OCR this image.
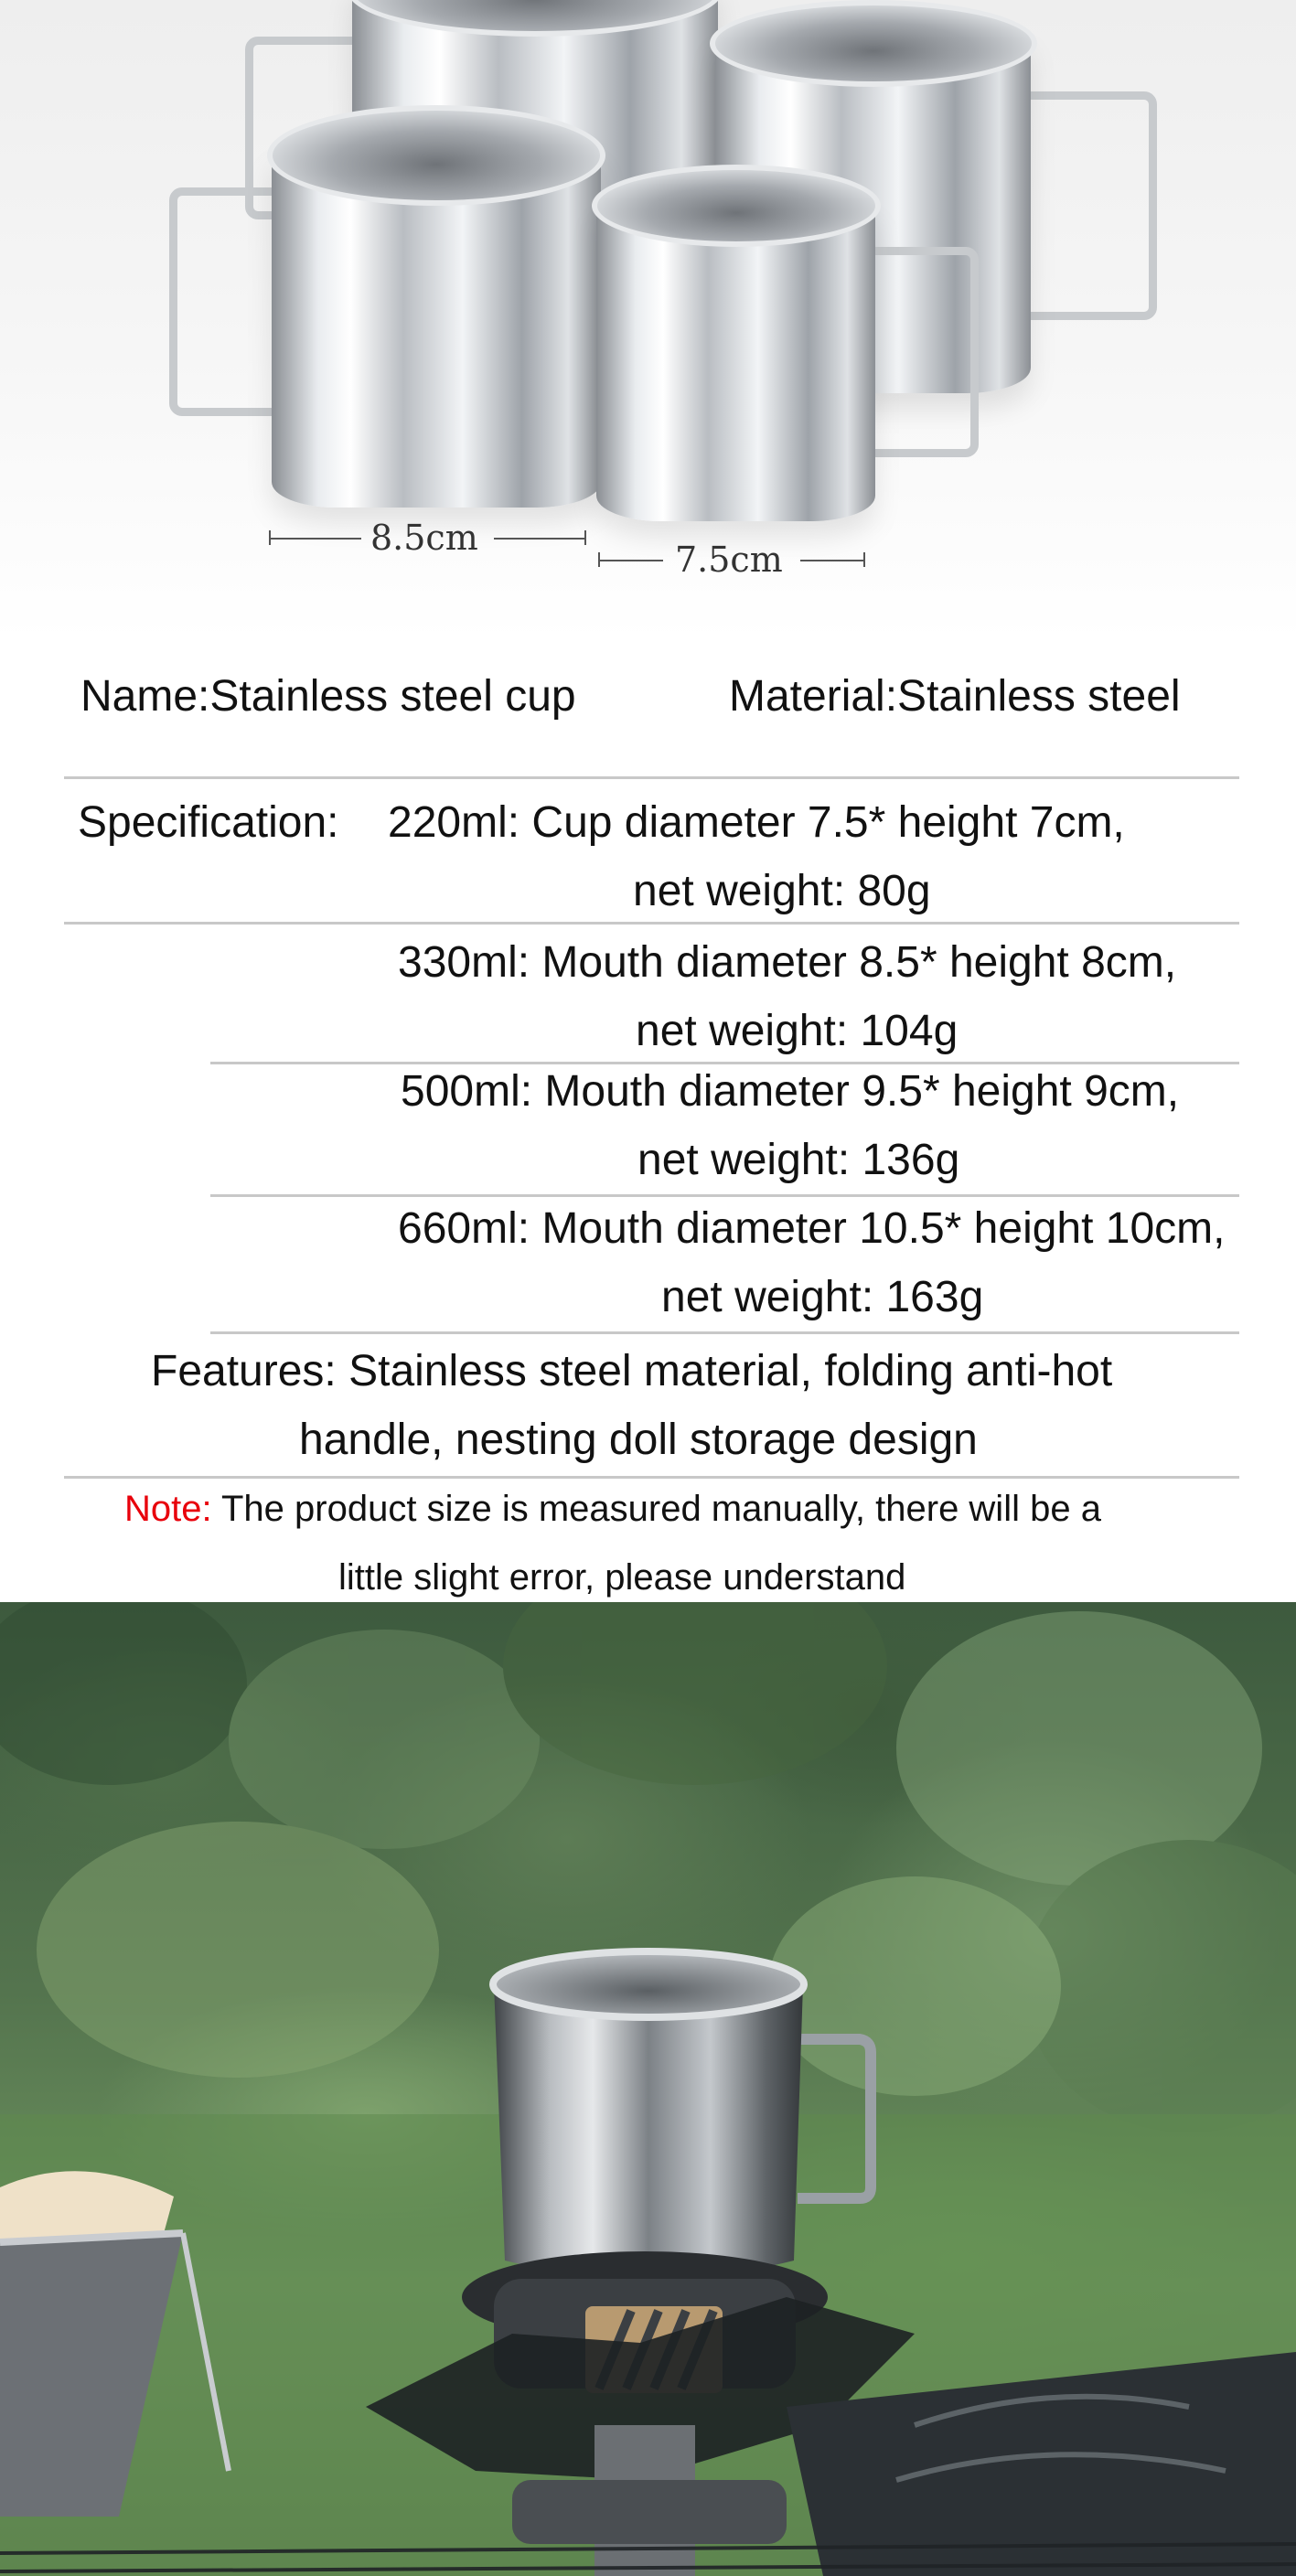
8.5cm
7.5cm
Name:Stainless steel cup	Material:Stainless steel
Specification: 220ml: Cup diameter 7.5* height 7cm,
net weight: 80g
330ml: Mouth diameter 8.5* height 8cm,
net weight: 104g
500ml: Mouth diameter 9.5* height 9cm,
net weight: 136g
660ml: Mouth diameter 10.5* height 10cm,
net weight: 163g
Features: Stainless steel material, folding anti-hot
handle, nesting doll storage design
Note: The product size is measured manually, there will be a
little slight error, please understand
